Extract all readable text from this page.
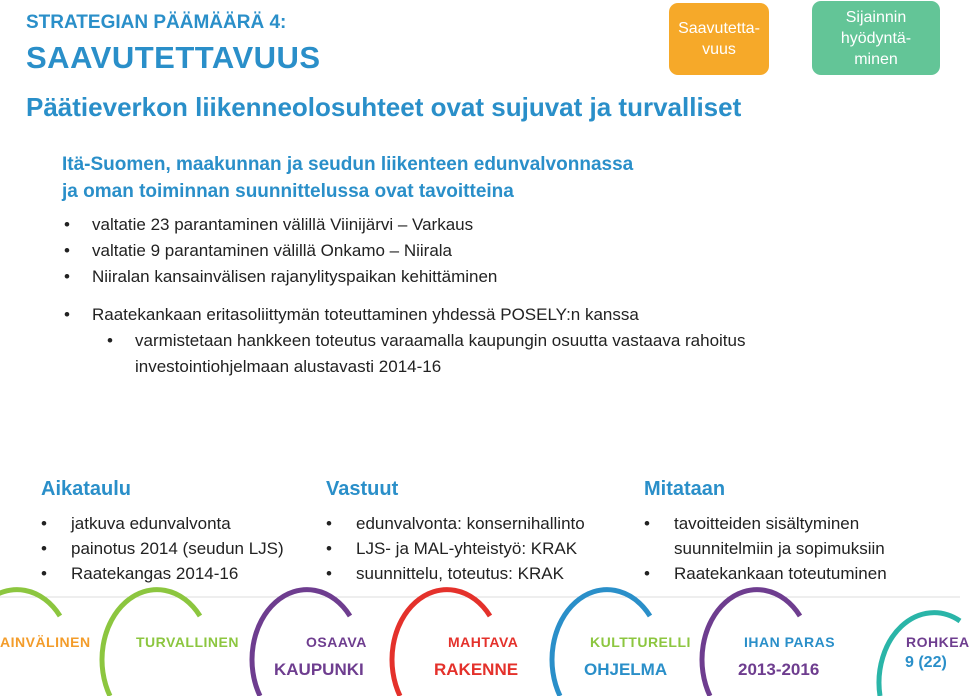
STRATEGIAN PÄÄMÄÄRÄ 4:
SAAVUTETTAVUUS
Saavutetta-
vuus
Sijainnin
hyödyntä-
minen
Päätieverkon liikenneolosuhteet ovat sujuvat ja turvalliset
Itä-Suomen, maakunnan ja seudun liikenteen edunvalvonnassa
ja oman toiminnan suunnittelussa ovat tavoitteina
• valtatie 23 parantaminen välillä Viinijärvi – Varkaus
• valtatie 9 parantaminen välillä Onkamo – Niirala
• Niiralan kansainvälisen rajanylityspaikan kehittäminen
• Raatekankaan eritasoliittymän toteuttaminen yhdessä POSELY:n kanssa
• varmistetaan hankkeen toteutus varaamalla kaupungin osuutta vastaava rahoitus
investointiohjelmaan alustavasti 2014-16
Aikataulu	Vastuut	Mitataan
• jatkuva edunvalvonta
• painotus 2014 (seudun LJS)
• Raatekangas 2014-16
• edunvalvonta: konsernihallinto
• LJS- ja MAL-yhteistyö: KRAK
• suunnittelu, toteutus: KRAK
• tavoitteiden sisältyminen
suunnitelmiin ja sopimuksiin
• Raatekankaan toteutuminen
AINVÄLINEN	TURVALLINEN	OSAAVA	MAHTAVA	KULTTURELLI	IHAN PARAS	ROHKEA
KAUPUNKI	RAKENNE	OHJELMA	2013-2016	9 (22)
